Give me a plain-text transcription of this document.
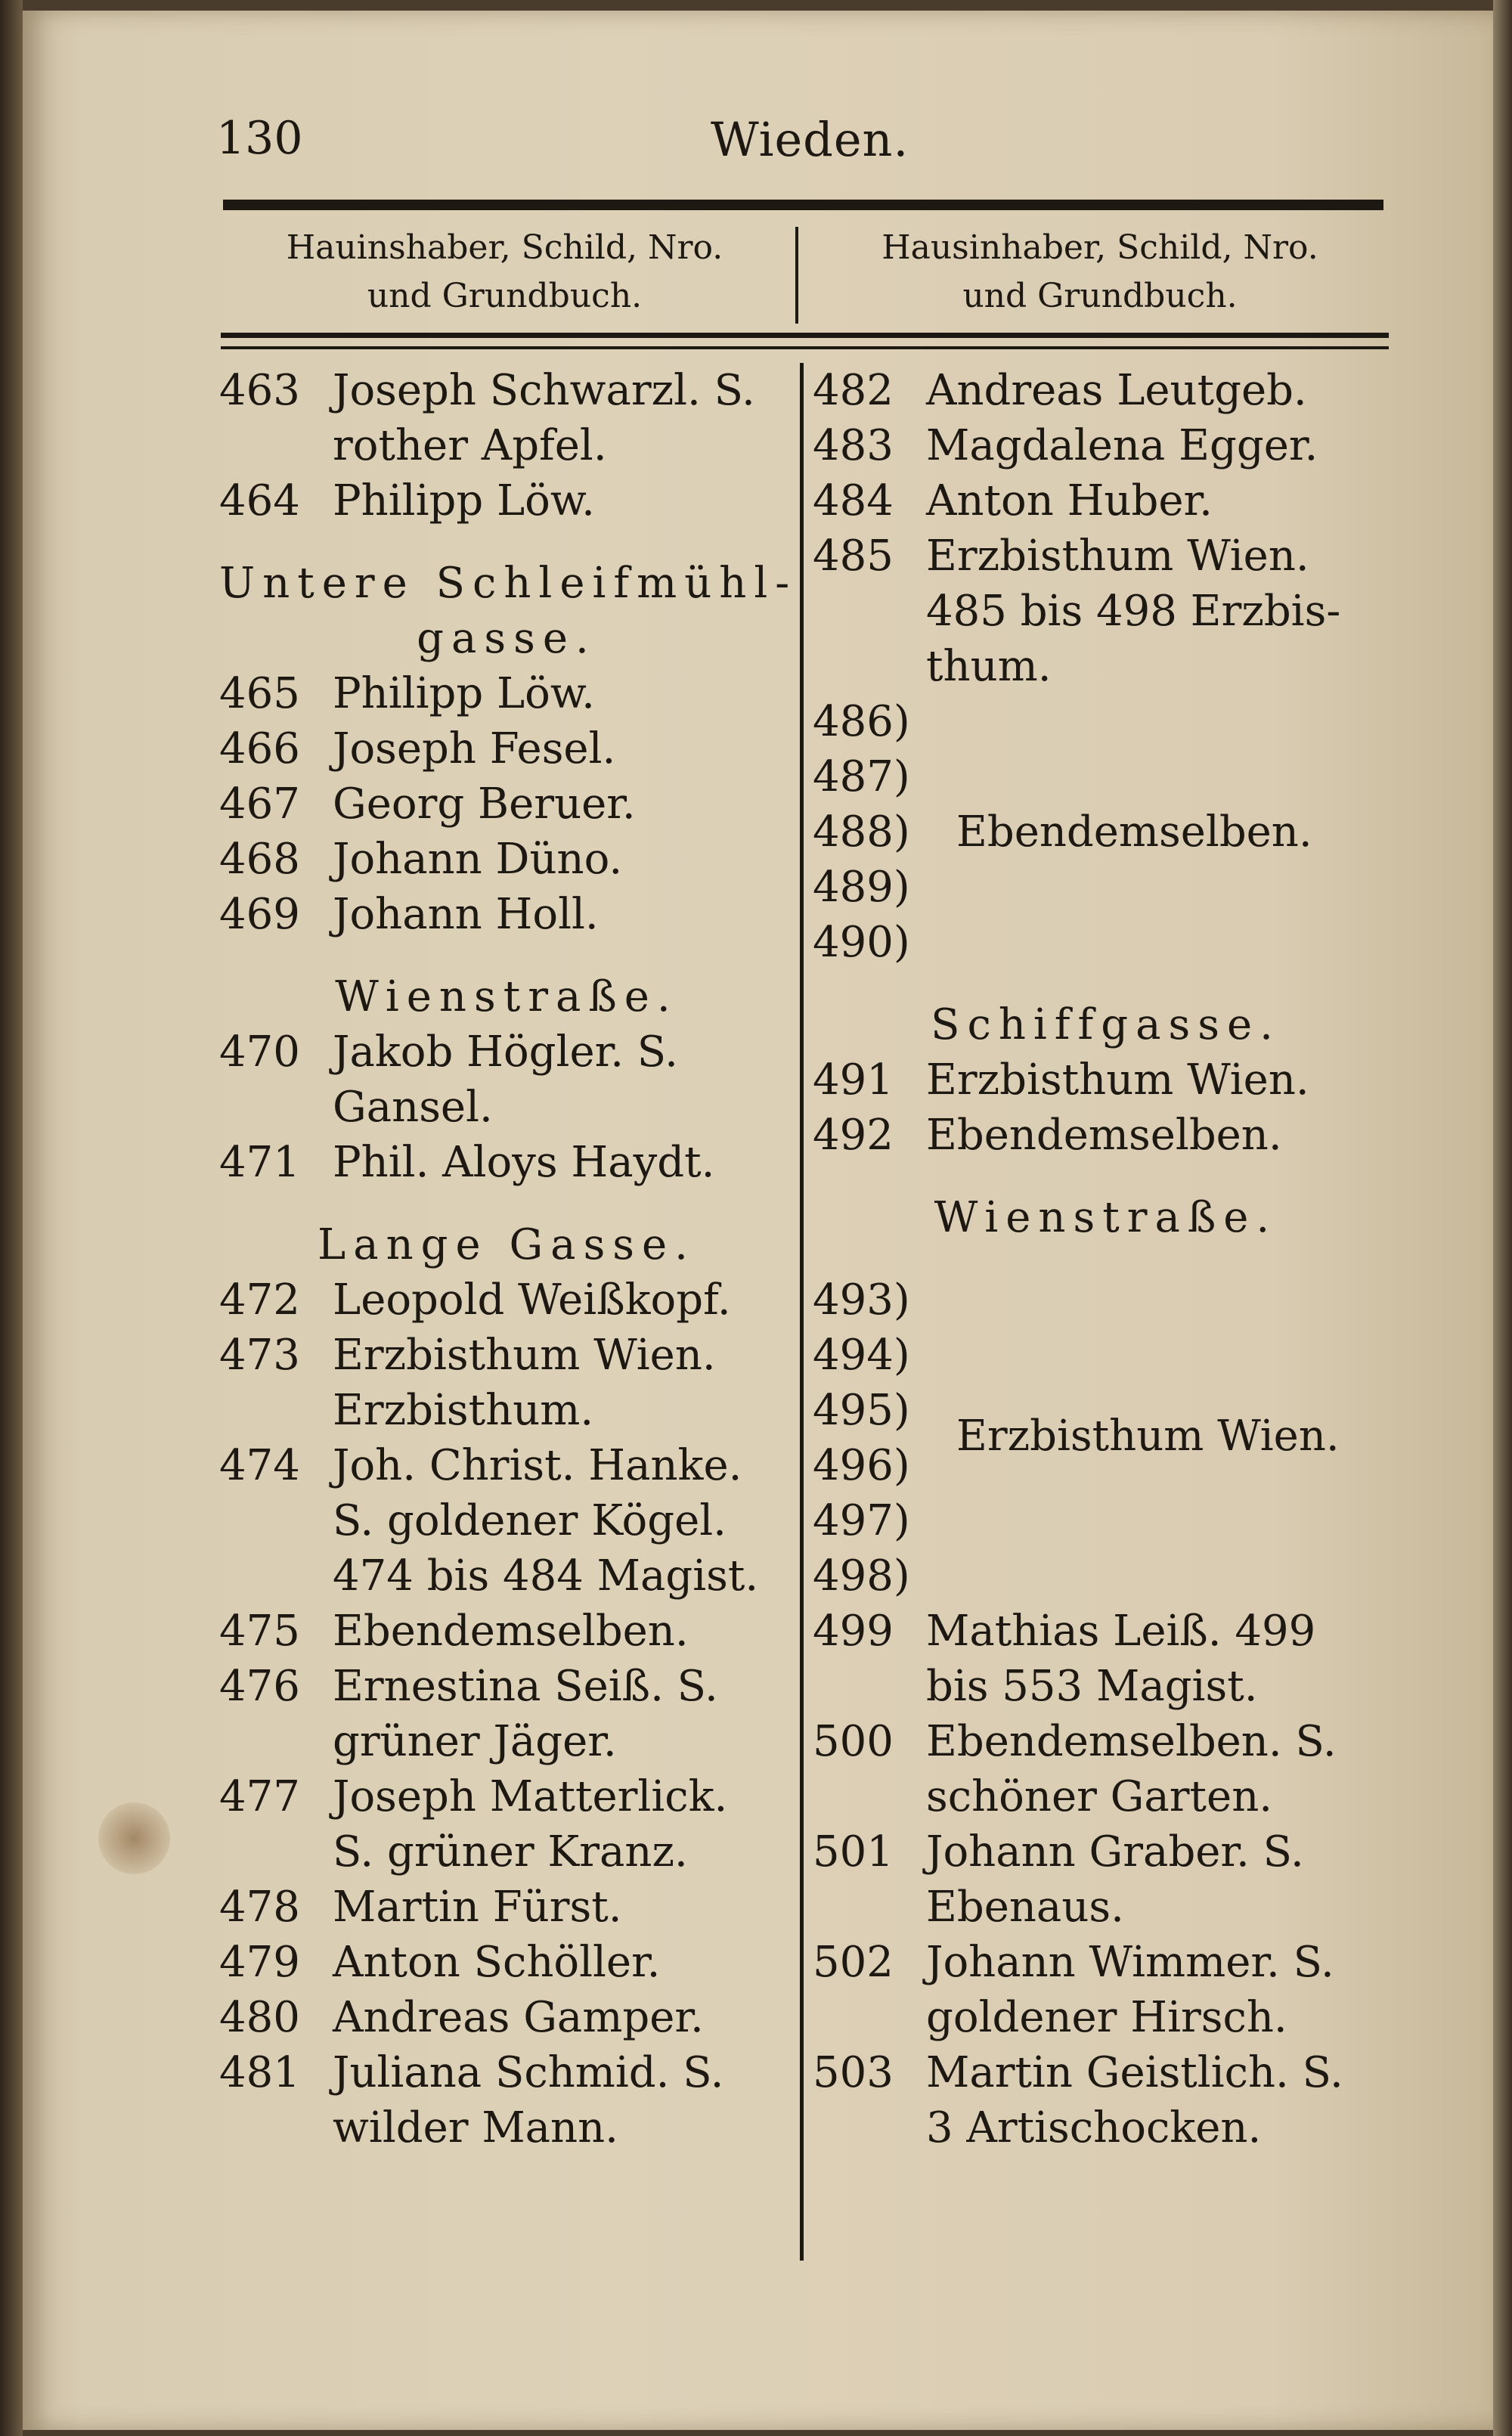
130	Wieden.
Hauinshaber, Schild, Nro.
und Grundbuch.
Hausinhaber, Schild, Nro.
und Grundbuch.
463 Joseph Schwarzl. S.
rother Apfel.
464 Philipp Löw.
Untere Schleifmühl-
gasse.
465 Philipp Löw.
466 Joseph Fesel.
467 Georg Beruer.
468 Johann Düno.
469 Johann Holl.
Wienstraße.
470 Jakob Högler. S.
Gansel.
471 Phil. Aloys Haydt.
Lange Gasse.
472 Leopold Weißkopf.
473 Erzbisthum Wien.
Erzbisthum.
474 Joh. Christ. Hanke.
S. goldener Kögel.
474 bis 484 Magist.
475 Ebendemselben.
476 Ernestina Seiß. S.
grüner Jäger.
477 Joseph Matterlick.
S. grüner Kranz.
478 Martin Fürst.
479 Anton Schöller.
480 Andreas Gamper.
481 Juliana Schmid. S.
wilder Mann.
482 Andreas Leutgeb.
483 Magdalena Egger.
484 Anton Huber.
485 Erzbisthum Wien.
485 bis 498 Erzbis-
thum.
486)
487)
488)
489)
490)
Ebendemselben.
Schiffgasse.
491 Erzbisthum Wien.
492 Ebendemselben.
Wienstraße.
493)
494)
495)
496)
497)
498)
Erzbisthum Wien.
499 Mathias Leiß. 499
bis 553 Magist.
500 Ebendemselben. S.
schöner Garten.
501 Johann Graber. S.
Ebenaus.
502 Johann Wimmer. S.
goldener Hirsch.
503 Martin Geistlich. S.
3 Artischocken.
